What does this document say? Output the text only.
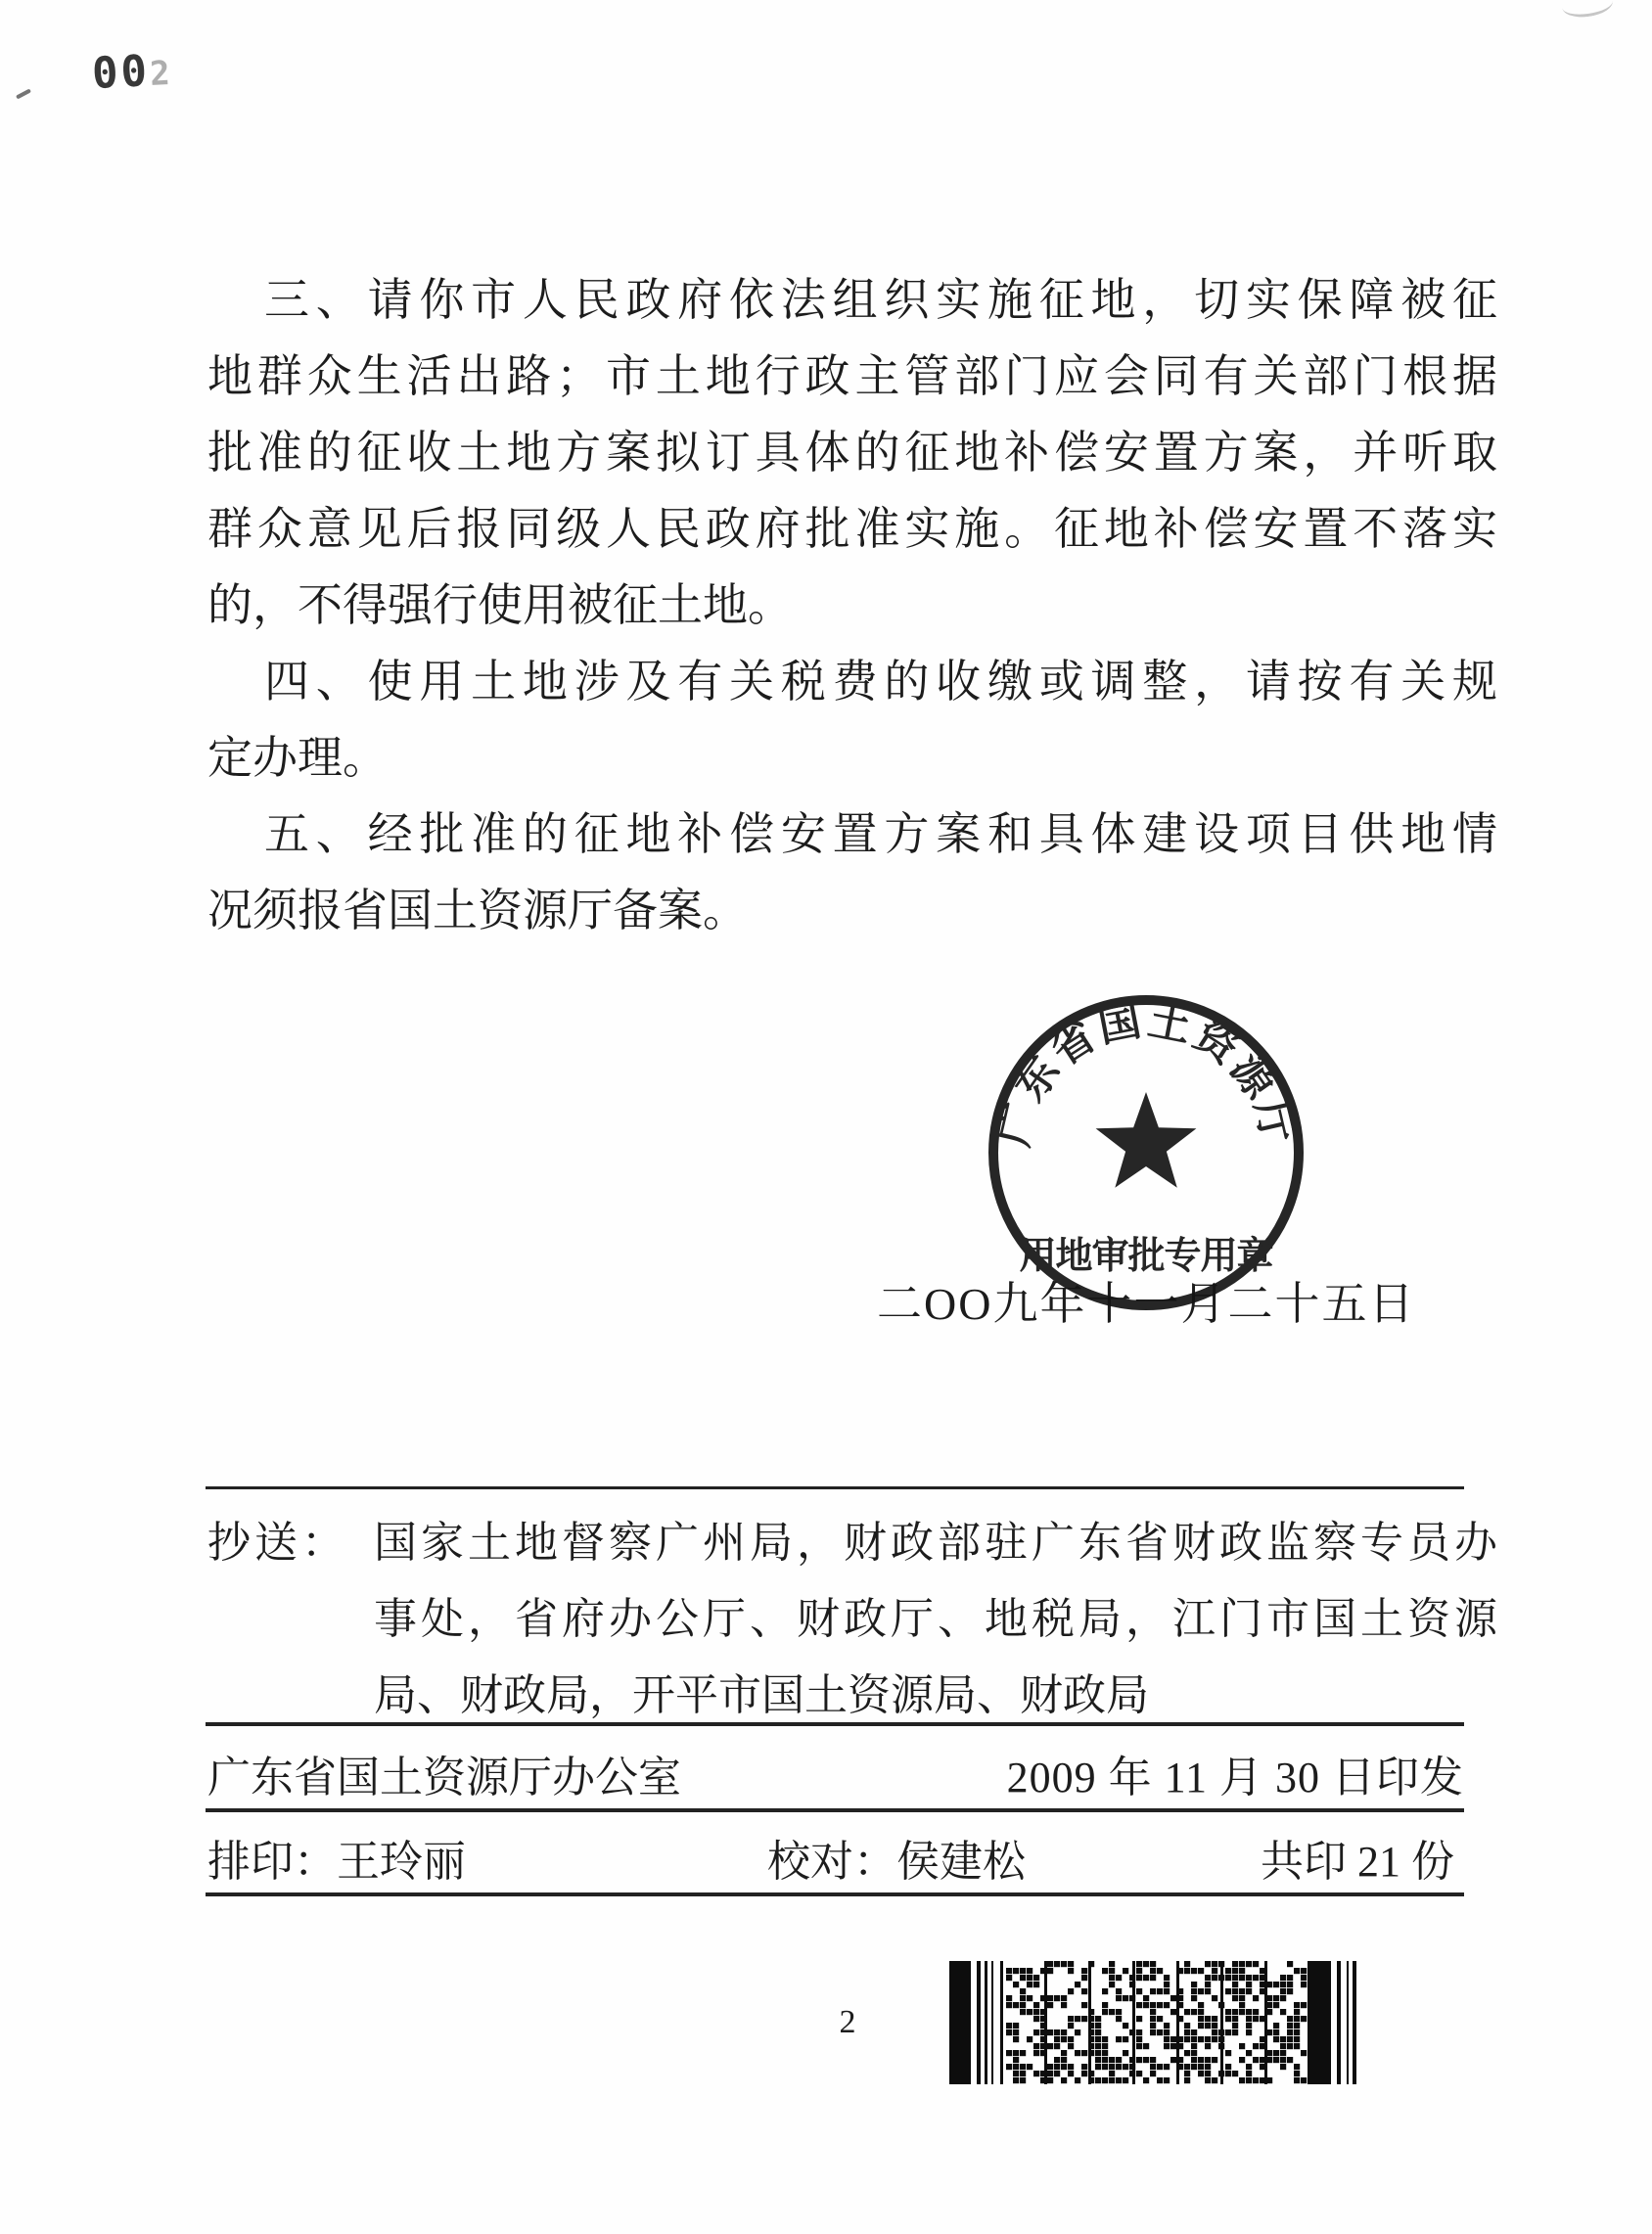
002
三、请你市人民政府依法组织实施征地，切实保障被征
地群众生活出路；市土地行政主管部门应会同有关部门根据
批准的征收土地方案拟订具体的征地补偿安置方案，并听取
群众意见后报同级人民政府批准实施。征地补偿安置不落实
的，不得强行使用被征土地。
四、使用土地涉及有关税费的收缴或调整，请按有关规
定办理。
五、经批准的征地补偿安置方案和具体建设项目供地情
况须报省国土资源厅备案。
二OO九年十一月二十五日
广东省国土资源厅
用地审批专用章
抄送： 国家土地督察广州局，财政部驻广东省财政监察专员办
事处，省府办公厅、财政厅、地税局，江门市国土资源
局、财政局，开平市国土资源局、财政局
广东省国土资源厅办公室	2009 年 11 月 30 日印发
排印：王玲丽	校对：侯建松	共印 21 份
2
